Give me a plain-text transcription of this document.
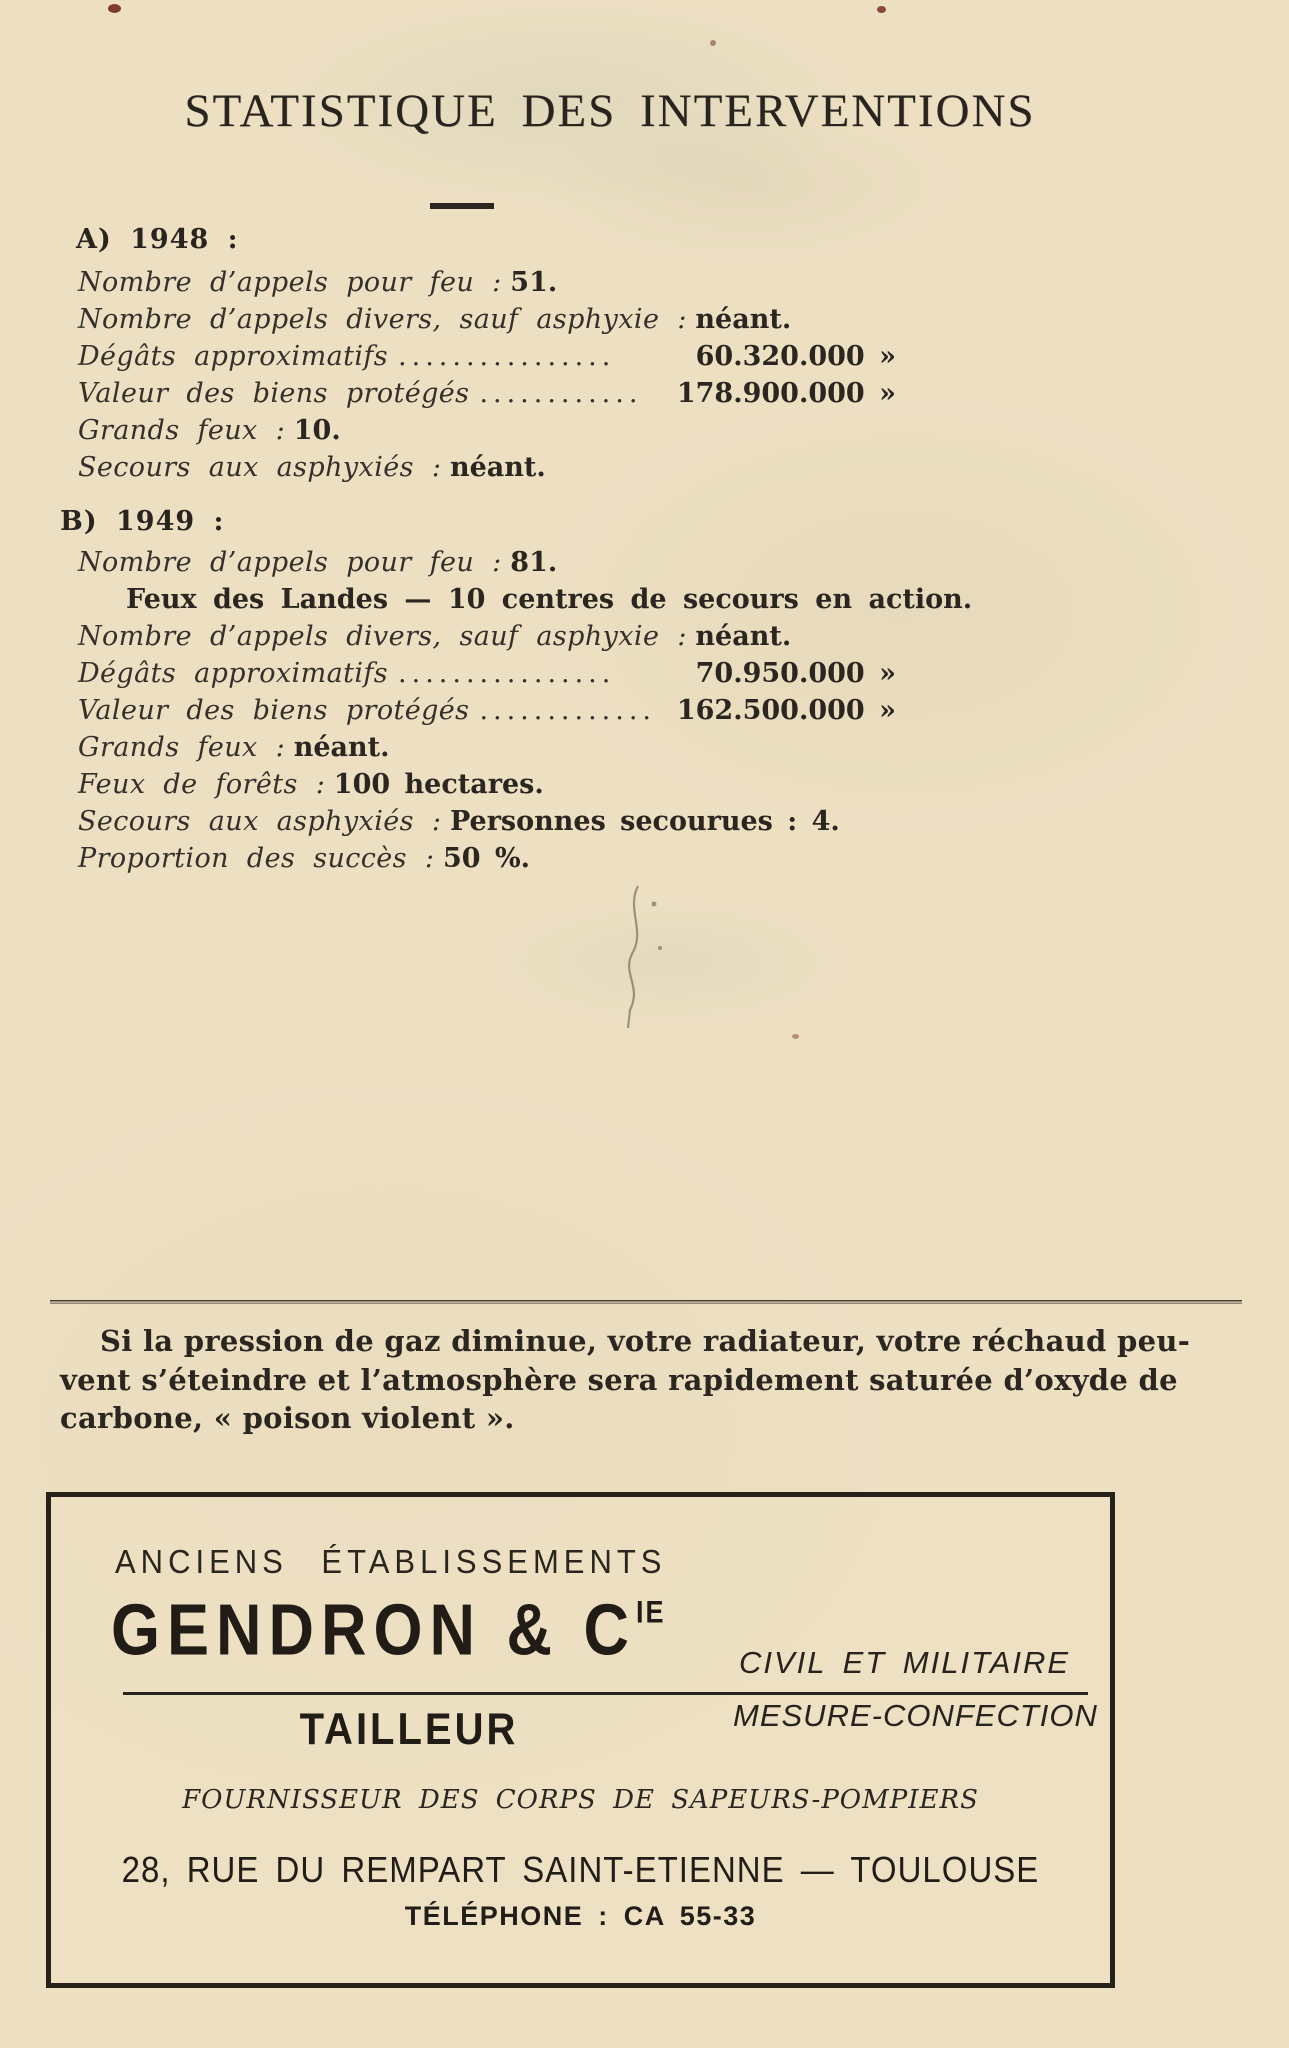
STATISTIQUE DES INTERVENTIONS
A) 1948 :
Nombre d’appels pour feu : 51.
Nombre d’appels divers, sauf asphyxie : néant.
Dégâts approximatifs ................	60.320.000 »
Valeur des biens protégés ............ 178.900.000 »
Grands feux : 10.
Secours aux asphyxiés : néant.
B) 1949 :
Nombre d’appels pour feu : 81.
Feux des Landes — 10 centres de secours en action.
Nombre d’appels divers, sauf asphyxie : néant.
Dégâts approximatifs ................	70.950.000 »
Valeur des biens protégés ............. 162.500.000 »
Grands feux : néant.
Feux de forêts : 100 hectares.
Secours aux asphyxiés : Personnes secourues : 4.
Proportion des succès : 50 %.
Si la pression de gaz diminue, votre radiateur, votre réchaud peu-
vent s’éteindre et l’atmosphère sera rapidement saturée d’oxyde de
carbone, « poison violent ».
ANCIENS ÉTABLISSEMENTS
GENDRON & $C^{IE}$
CIVIL ET MILITAIRE
TAILLEUR	MESURE-CONFECTION
FOURNISSEUR DES CORPS DE SAPEURS-POMPIERS
28, RUE DU REMPART SAINT-ETIENNE — TOULOUSE
TÉLÉPHONE : CA 55-33
